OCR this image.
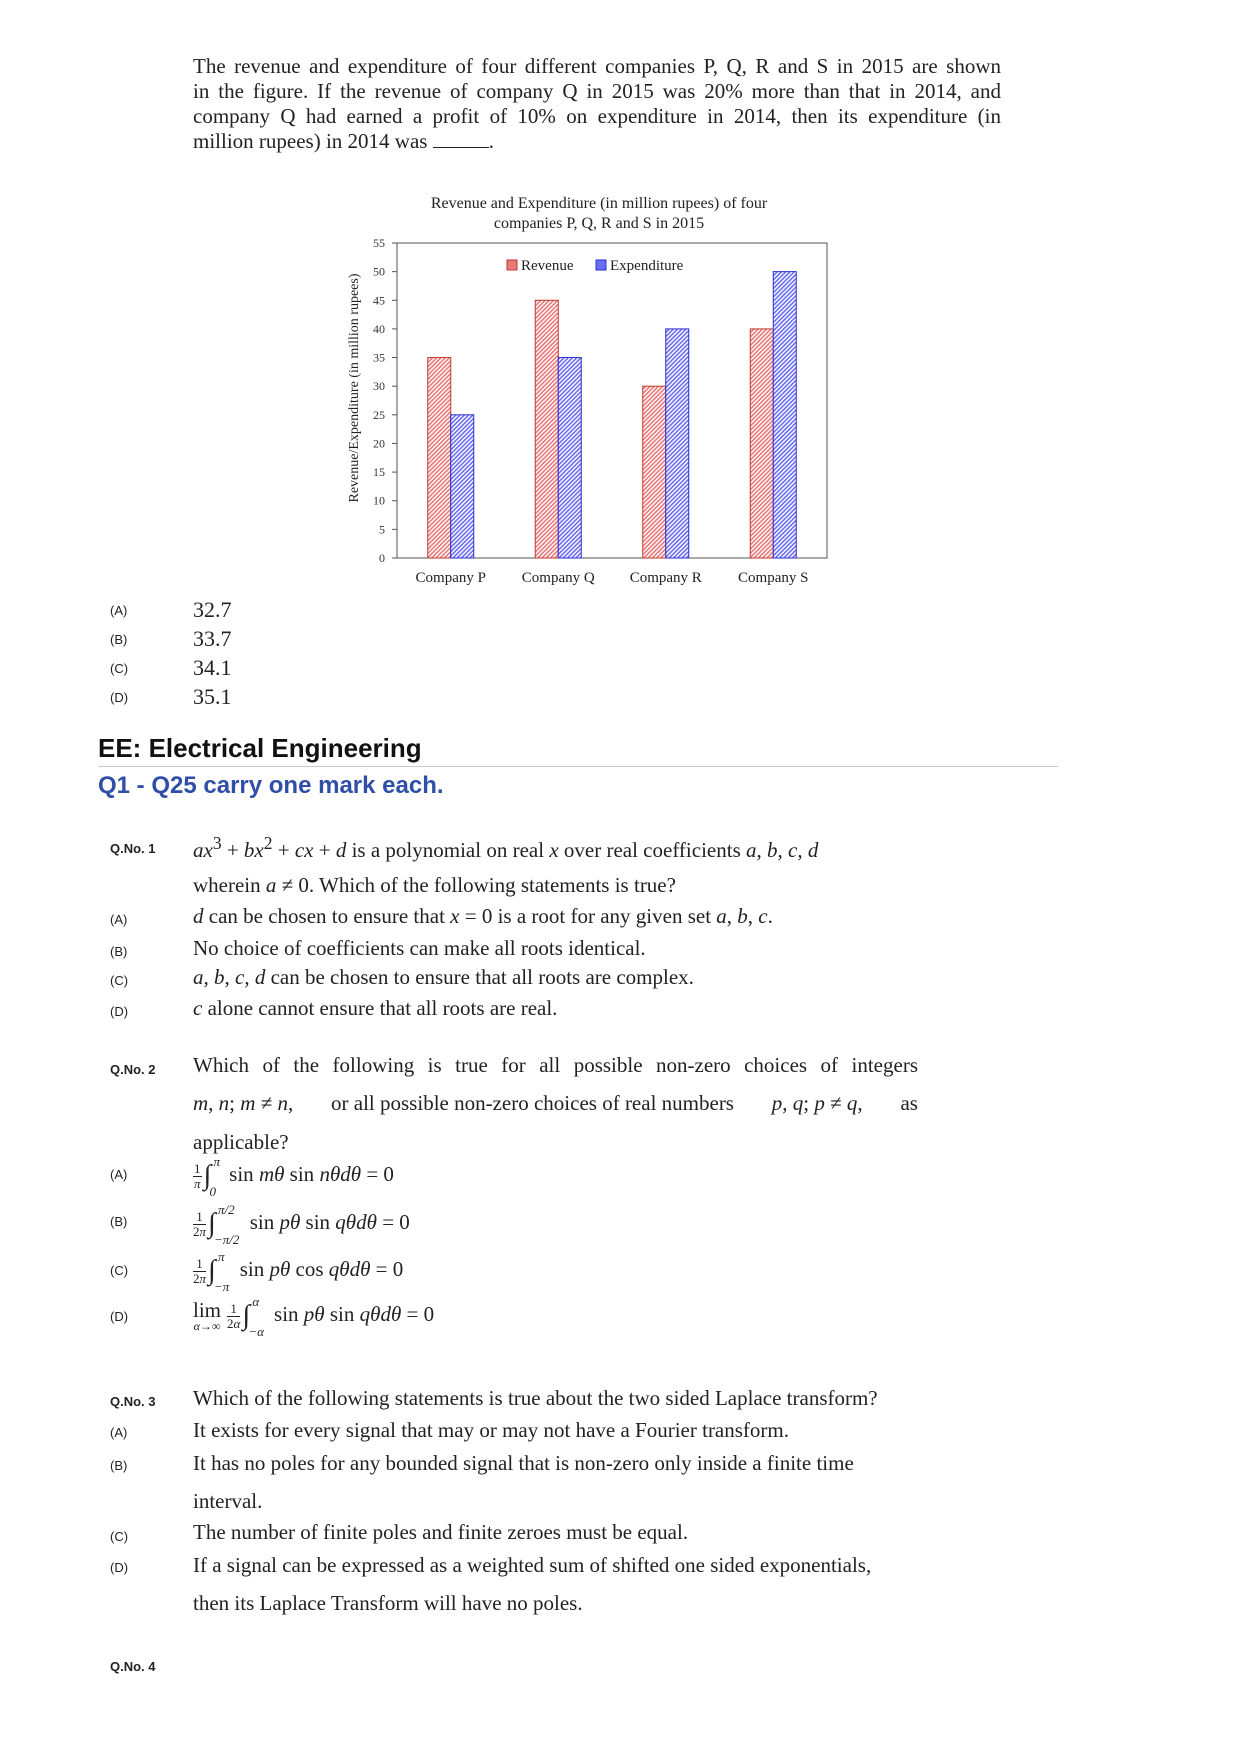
The revenue and expenditure of four different companies P, Q, R and S in 2015 are shown
in the figure. If the revenue of company Q in 2015 was 20% more than that in 2014, and
company Q had earned a profit of 10% on expenditure in 2014, then its expenditure (in
million rupees) in 2014 was	.
Revenue and Expenditure (in million rupees) of four
companies P, Q, R and S in 2015
Revenue/Expenditure (in million rupees)
0
5
10
15
20
25
30
35
40
45
50
55
Company P Company Q Company R Company S
Revenue Expenditure
(A)	32.7
(B)	33.7
(C)	34.1
(D)	35.1
EE: Electrical Engineering
Q1 - Q25 carry one mark each.
Q.No. 1 $ax^3 + bx^2$ + cx + d is a polynomial on real x over real coefficients a, b, c, d
wherein a ≠ 0. Which of the following statements is true?
(A)	d can be chosen to ensure that x = 0 is a root for any given set a, b, c.
(B)	No choice of coefficients can make all roots identical.
(C)	a, b, c, d can be chosen to ensure that all roots are complex.
(D)	c alone cannot ensure that all roots are real.
Q.No. 2 Which of the following is true for all possible non-zero choices of integers
m, n; m ≠ n, or all possible non-zero choices of real numbers p, q; p ≠ q, as
applicable?
(A)	$\frac{1}{\pi}$ ∫ π
0
sin mθ sin nθdθ = 0
(B)	$\frac{1}{2\pi}$ ∫ π/2
−π/2
sin pθ sin qθdθ = 0
(C)	$\frac{1}{2\pi}$ ∫ π
−π
sin pθ cos qθdθ = 0
(D)	lim
$\alpha\to\infty \frac{1}{2\alpha}$ ∫ α
−α
sin pθ sin qθdθ = 0
Q.No. 3 Which of the following statements is true about the two sided Laplace transform?
(A)	It exists for every signal that may or may not have a Fourier transform.
(B)	It has no poles for any bounded signal that is non-zero only inside a finite time
interval.
(C)	The number of finite poles and finite zeroes must be equal.
(D)	If a signal can be expressed as a weighted sum of shifted one sided exponentials,
then its Laplace Transform will have no poles.
Q.No. 4
